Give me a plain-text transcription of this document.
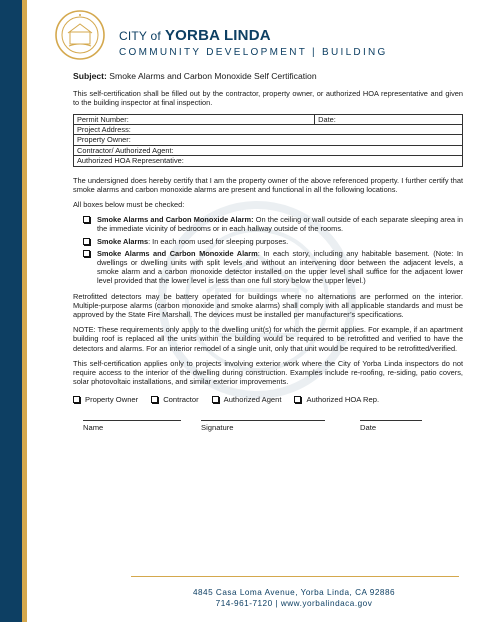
CITY of YORBA LINDA
COMMUNITY DEVELOPMENT | BUILDING
Subject: Smoke Alarms and Carbon Monoxide Self Certification

This self-certification shall be filled out by the contractor, property owner, or authorized HOA representative and given to the building inspector at final inspection.

Permit Number:	Date:
Project Address:
Property Owner:
Contractor/ Authorized Agent:
Authorized HOA Representative:

The undersigned does hereby certify that I am the property owner of the above referenced property. I further certify that smoke alarms and carbon monoxide alarms are present and functional in all the following locations.

All boxes below must be checked:

Smoke Alarms and Carbon Monoxide Alarm: On the ceiling or wall outside of each separate sleeping area in the immediate vicinity of bedrooms or in each hallway outside of the rooms.
Smoke Alarms: In each room used for sleeping purposes.
Smoke Alarms and Carbon Monoxide Alarm: In each story, including any habitable basement. (Note: In dwellings or dwelling units with split levels and without an intervening door between the adjacent levels, a smoke alarm and a carbon monoxide detector installed on the upper level shall suffice for the adjacent lower level provided that the lower level is less than one full story below the upper level.)

Retrofitted detectors may be battery operated for buildings where no alternations are performed on the interior. Multiple-purpose alarms (carbon monoxide and smoke alarms) shall comply with all applicable standards and must be approved by the State Fire Marshall. The devices must be installed per manufacturer’s specifications.

NOTE: These requirements only apply to the dwelling unit(s) for which the permit applies. For example, if an apartment building roof is replaced all the units within the building would be required to be retrofitted and verified to have the detectors and alarms. For an interior remodel of a single unit, only that unit would be required to be retrofitted/verified.

This self-certification applies only to projects involving exterior work where the City of Yorba Linda inspectors do not require access to the interior of the dwelling during construction. Examples include re-roofing, re-siding, patio covers, solar photovoltaic installations, and similar exterior improvements.

Property Owner	Contractor	Authorized Agent	Authorized HOA Rep.
Name	Signature	Date
4845 Casa Loma Avenue, Yorba Linda, CA 92886
714-961-7120 | www.yorbalindaca.gov
